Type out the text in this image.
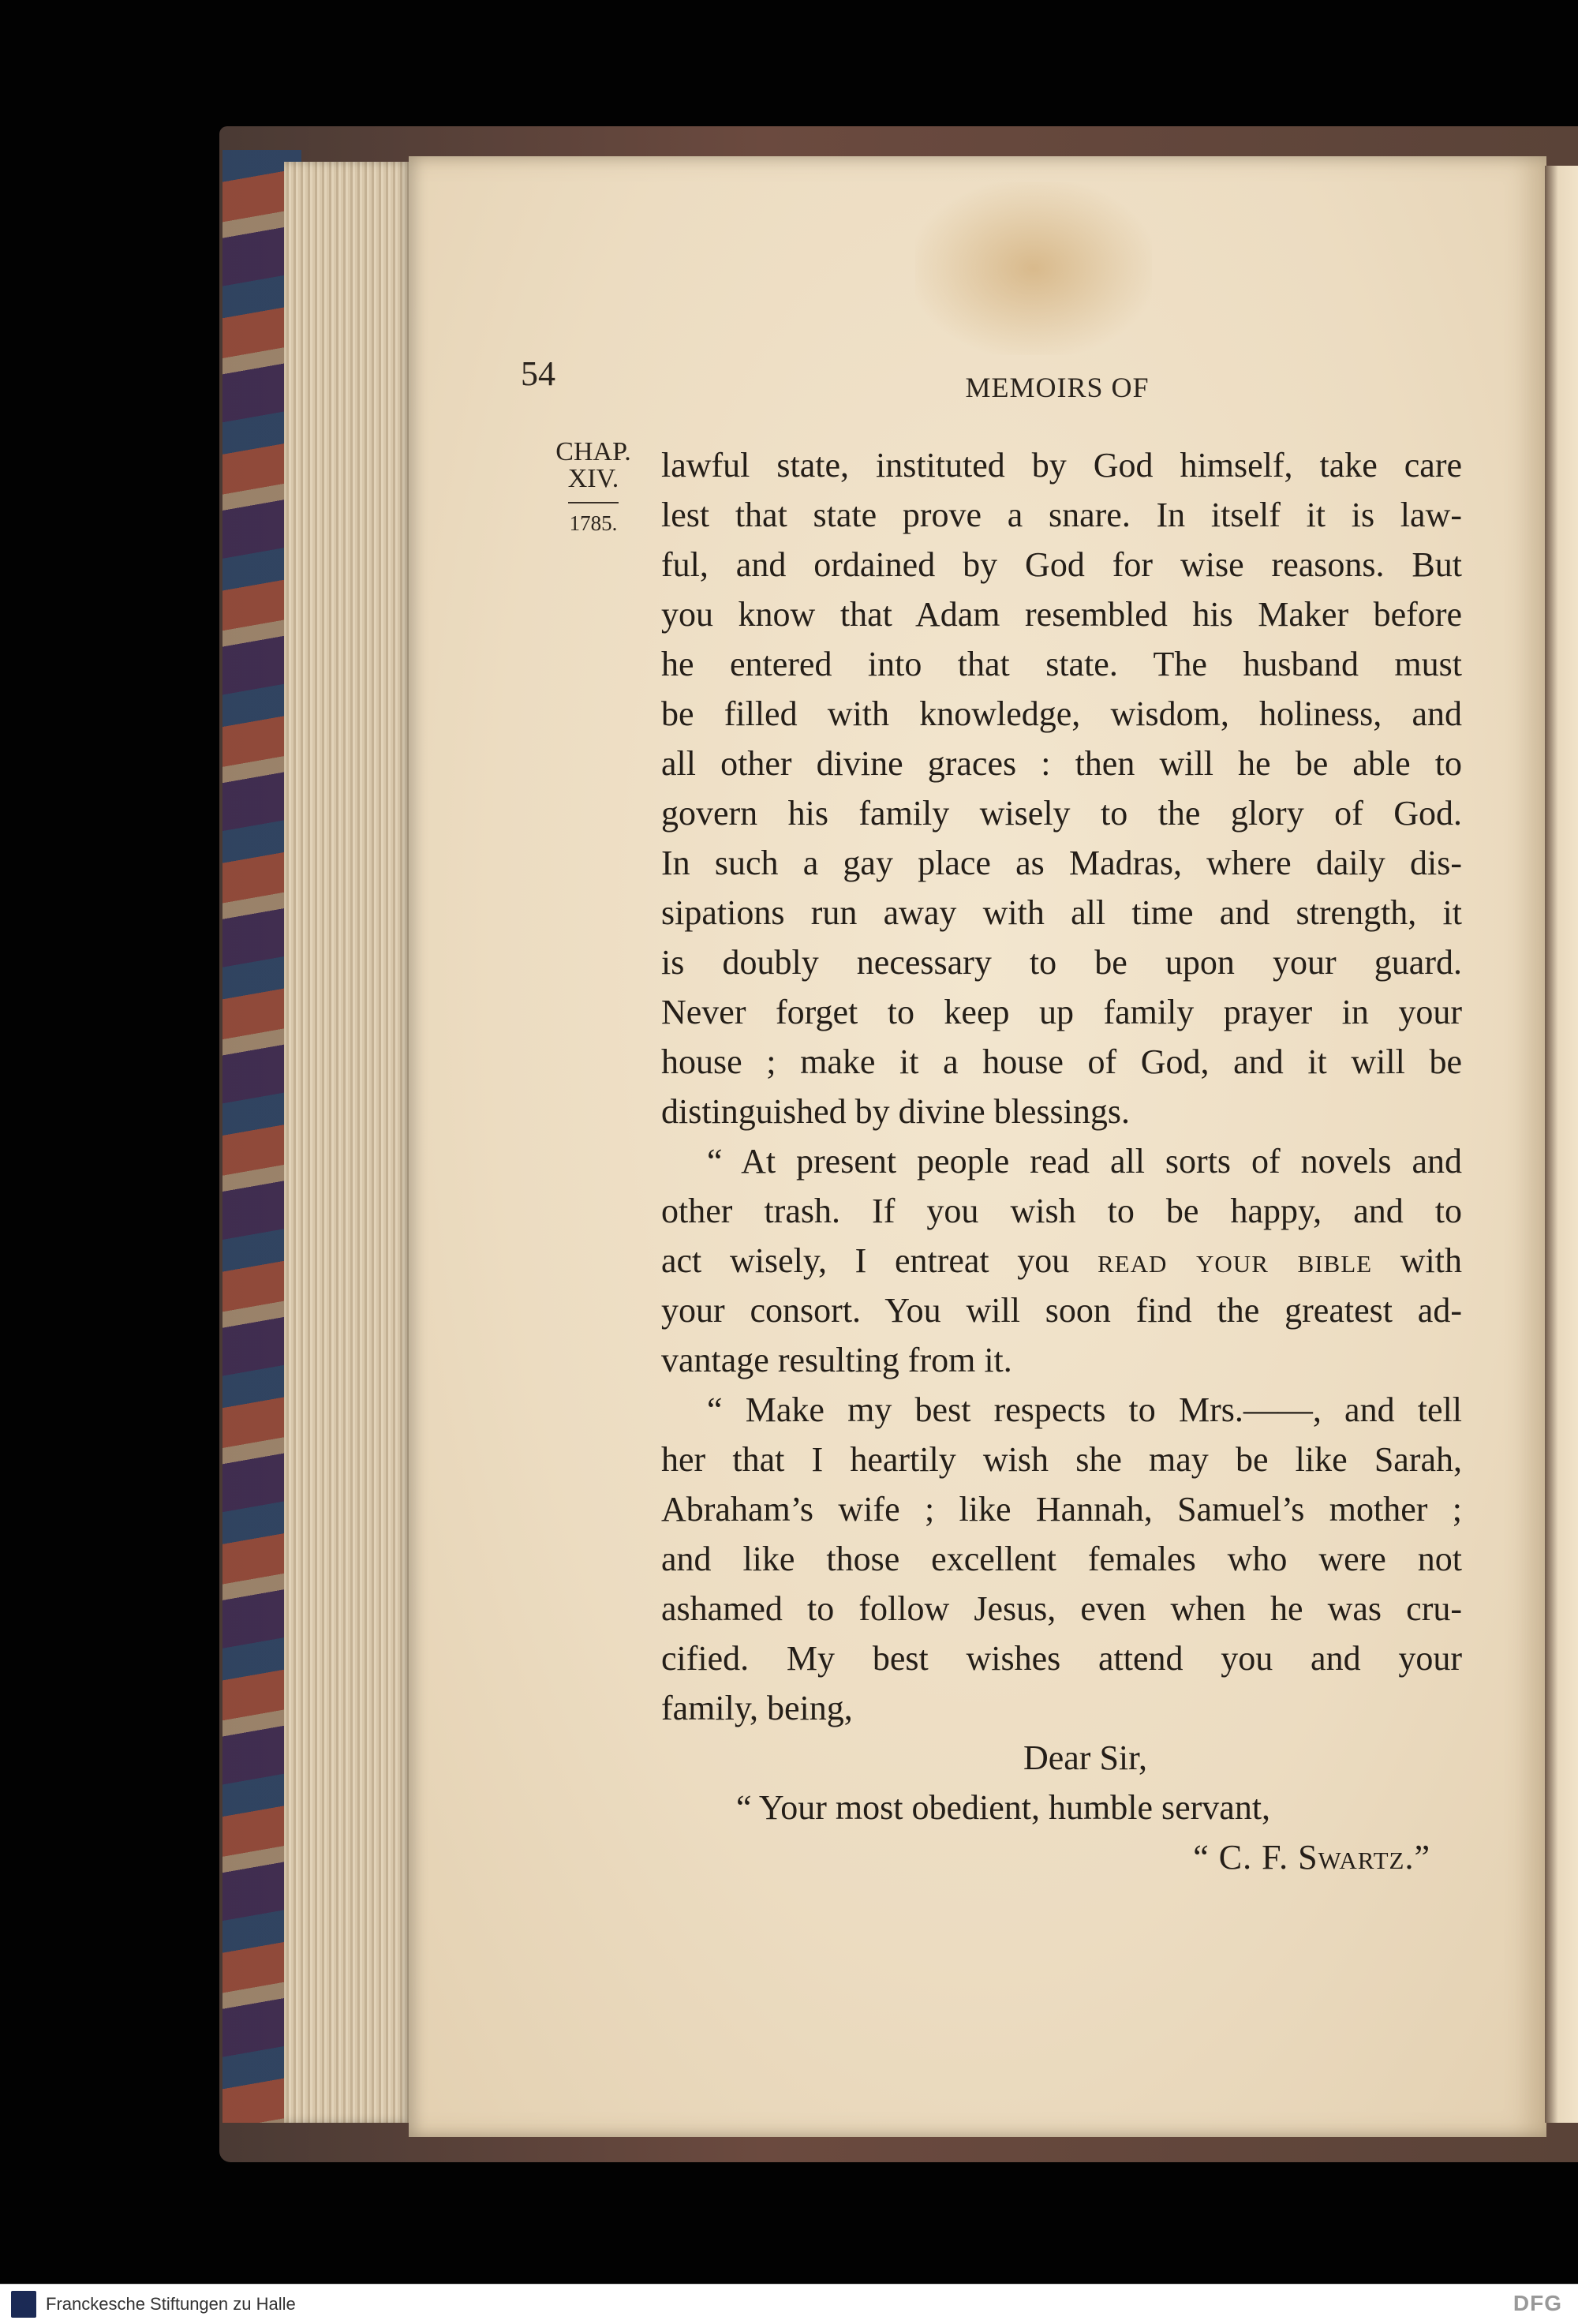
54	MEMOIRS OF
CHAP.
XIV.
1785.

lawful state, instituted by God himself, take care

lest that state prove a snare. In itself it is law-

ful, and ordained by God for wise reasons. But

you know that Adam resembled his Maker before

he entered into that state. The husband must

be filled with knowledge, wisdom, holiness, and

all other divine graces : then will he be able to

govern his family wisely to the glory of God.

In such a gay place as Madras, where daily dis-

sipations run away with all time and strength, it

is doubly necessary to be upon your guard.

Never forget to keep up family prayer in your

house ; make it a house of God, and it will be

distinguished by divine blessings.

“ At present people read all sorts of novels and

other trash. If you wish to be happy, and to

act wisely, I entreat you read your bible with

your consort. You will soon find the greatest ad-

vantage resulting from it.

“ Make my best respects to Mrs.——, and tell

her that I heartily wish she may be like Sarah,

Abraham’s wife ; like Hannah, Samuel’s mother ;

and like those excellent females who were not

ashamed to follow Jesus, even when he was cru-

cified. My best wishes attend you and your

family, being,

Dear Sir,
“ Your most obedient, humble servant,
“ C. F. Swartz.”
Franckesche Stiftungen zu Halle	DFG
